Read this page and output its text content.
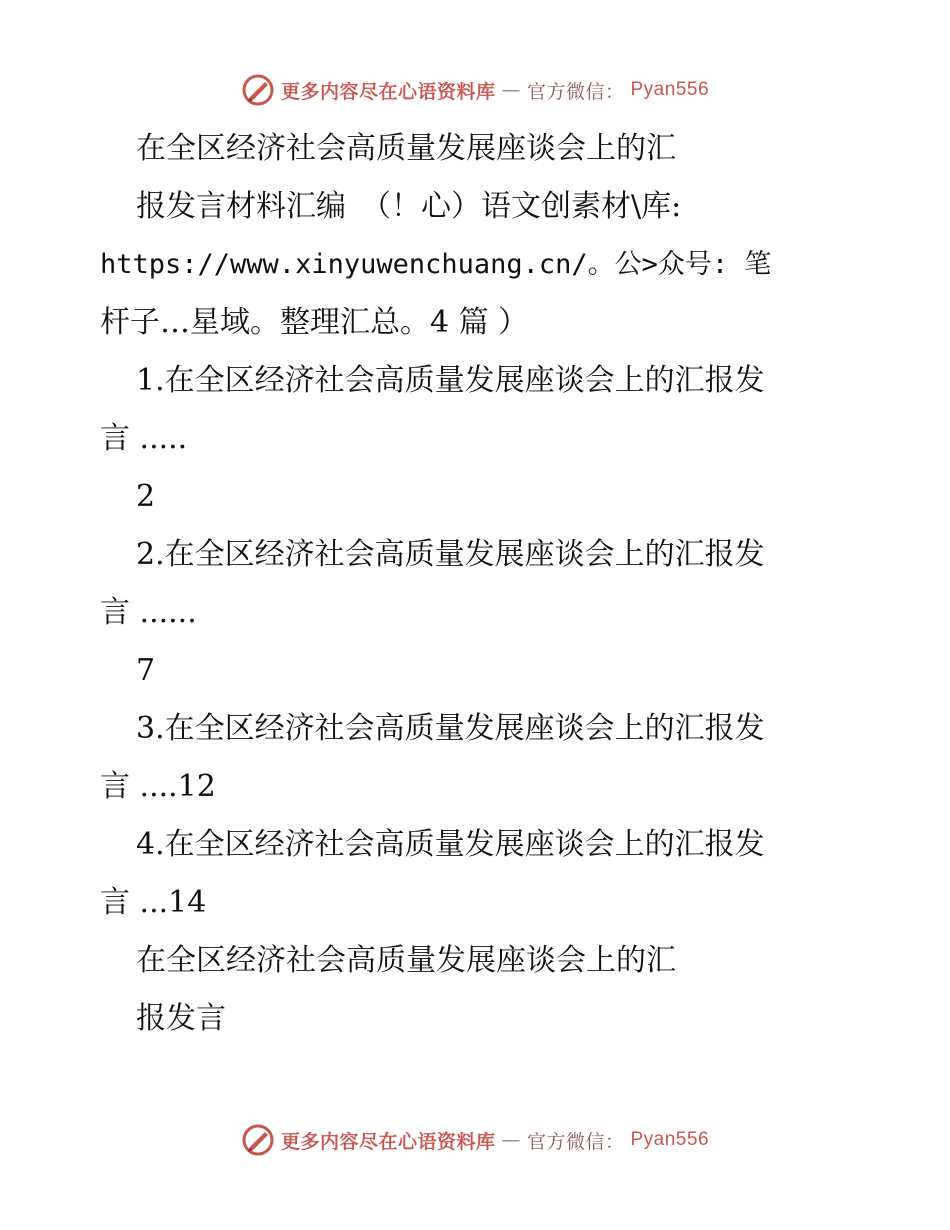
更多内容尽在心语资料库 — 官方微信： Pyan556
在全区经济社会高质量发展座谈会上的汇
报发言材料汇编　（！心）语文创素材\库:
https://www.xinyuwenchuang.cn/。公>众号: 笔
杆子…星域。整理汇总。4 篇 ）
1.在全区经济社会高质量发展座谈会上的汇报发
言 .....
2
2.在全区经济社会高质量发展座谈会上的汇报发
言 ......
7
3.在全区经济社会高质量发展座谈会上的汇报发
言 ....12
4.在全区经济社会高质量发展座谈会上的汇报发
言 ...14
在全区经济社会高质量发展座谈会上的汇
报发言
更多内容尽在心语资料库 — 官方微信： Pyan556
